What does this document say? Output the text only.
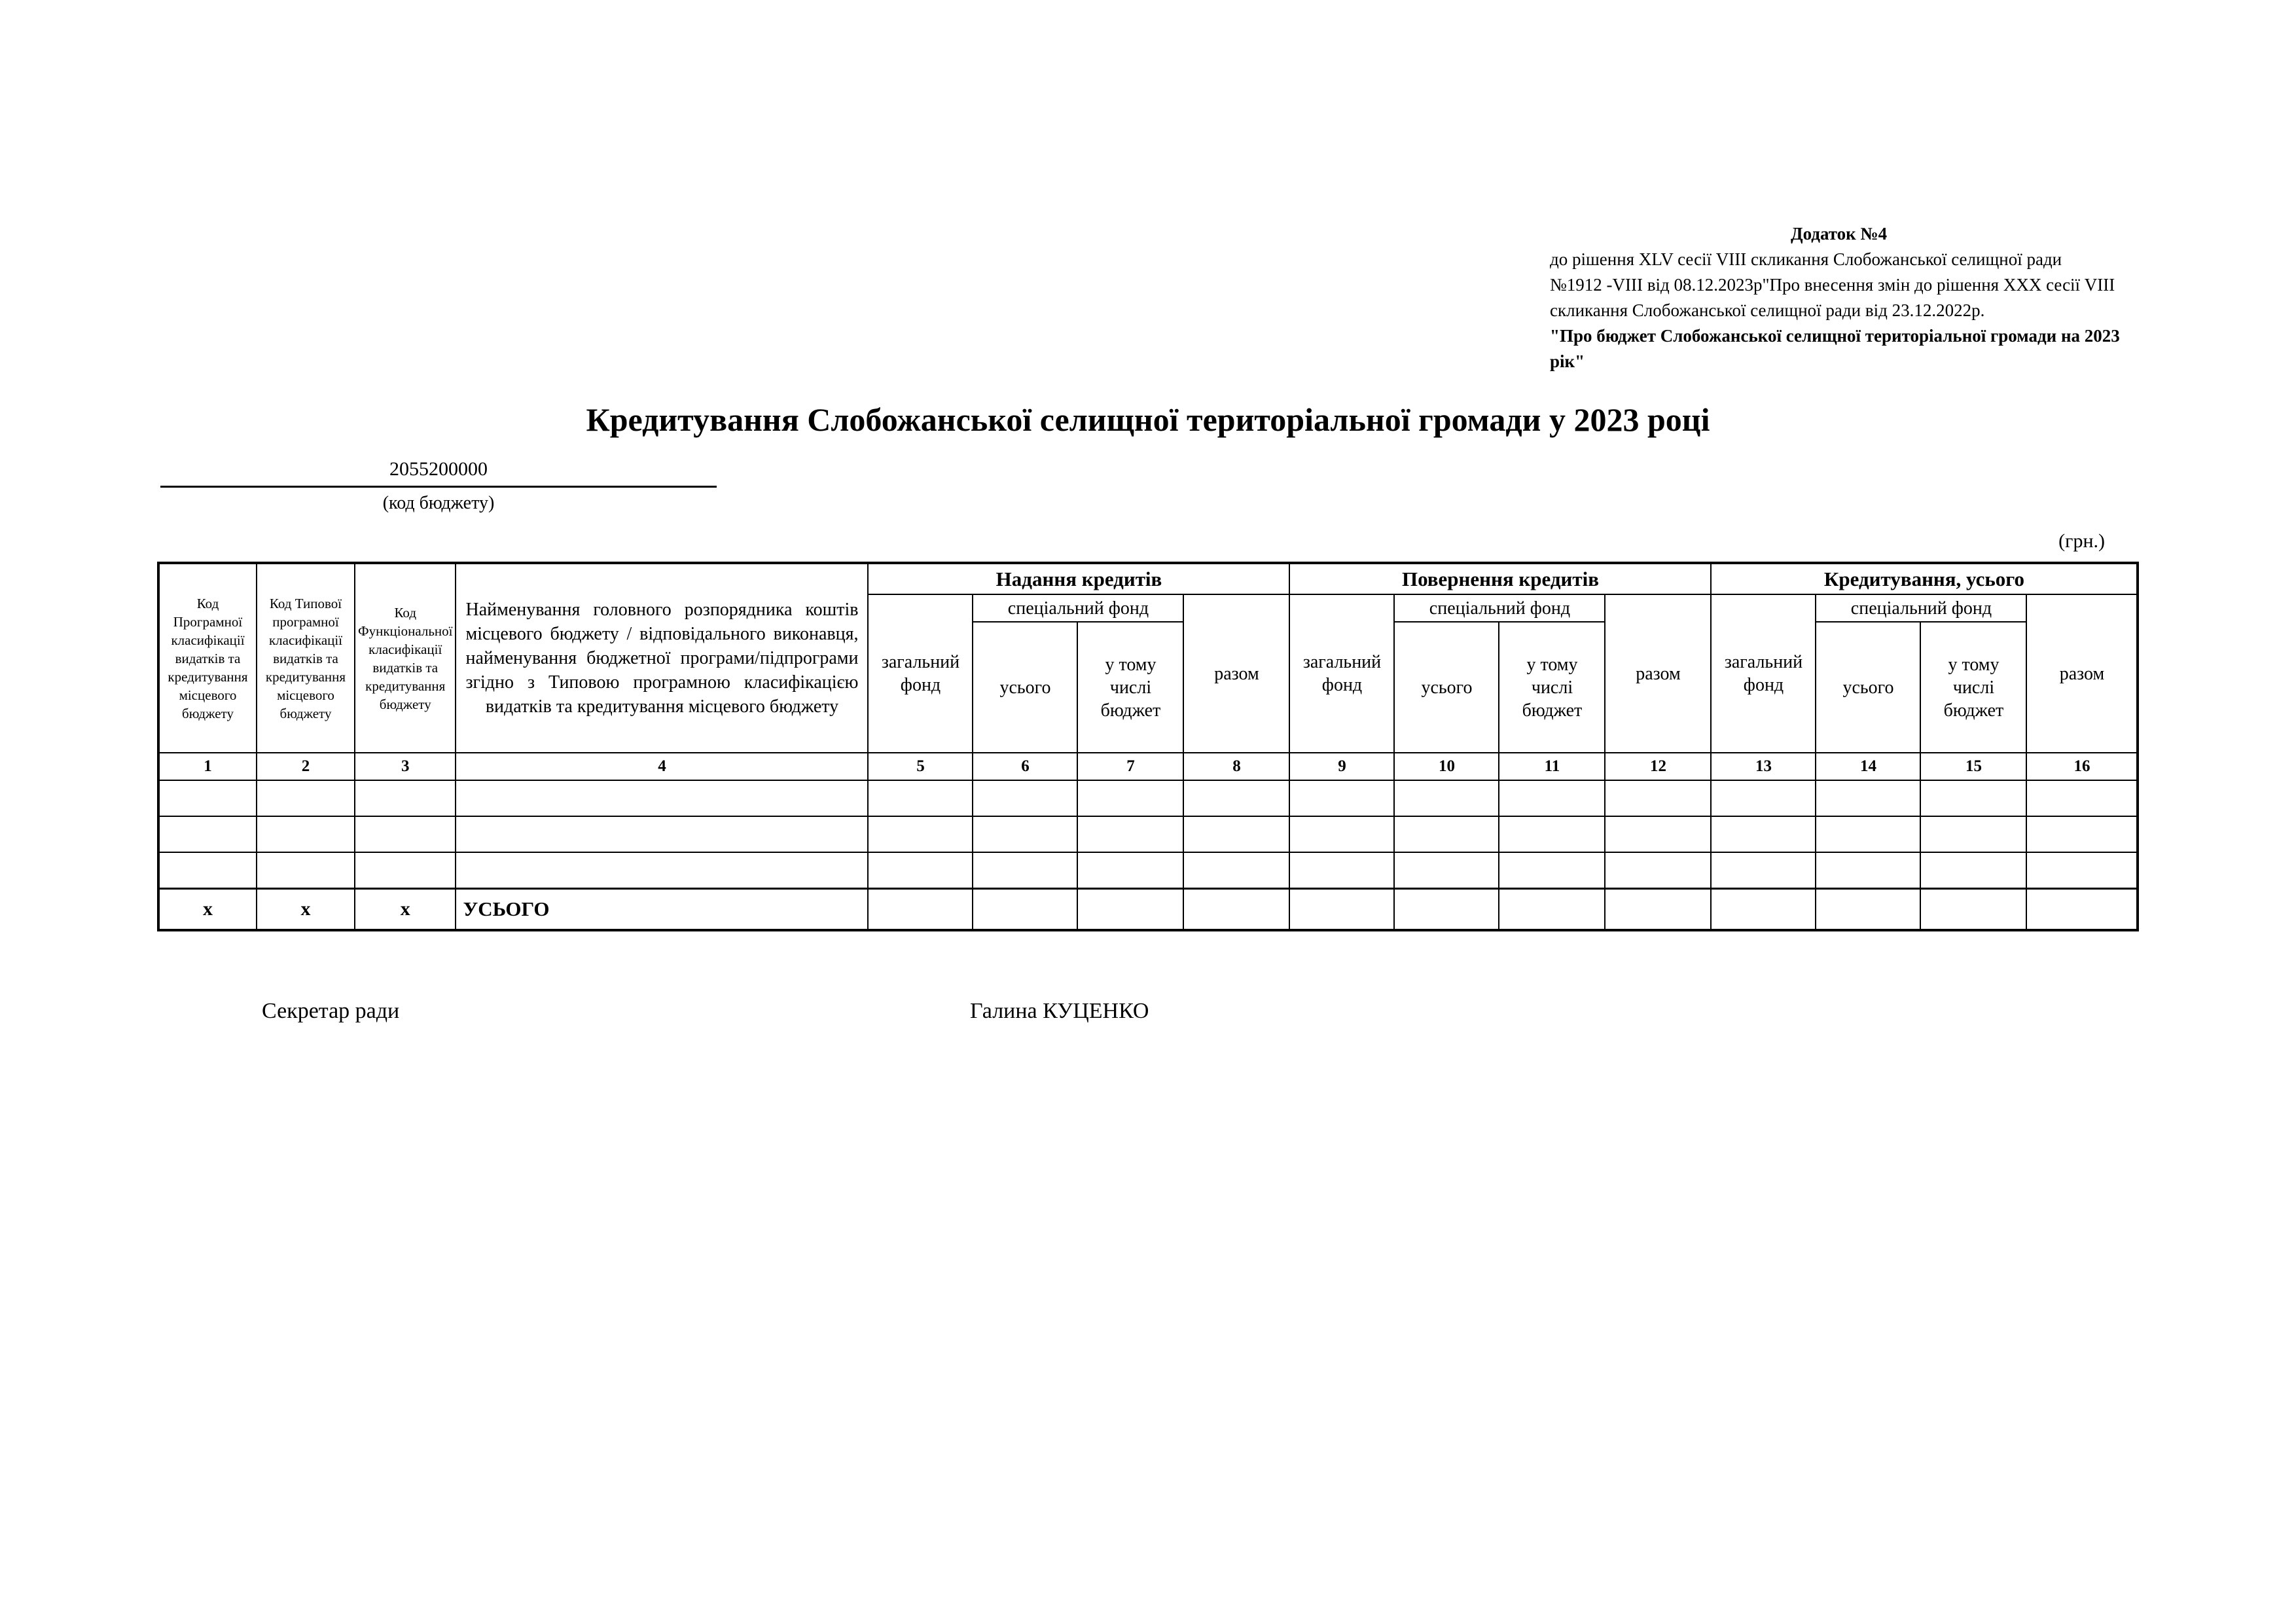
Додаток №4
до рішення XLV сесії VIII скликання Слобожанської селищної ради
№1912 -VIII від 08.12.2023р"Про внесення змін до рішення XXX сесії VIII
скликання Слобожанської селищної ради від 23.12.2022р.
"Про бюджет Слобожанської селищної територіальної громади на 2023 рік"
Кредитування Слобожанської селищної територіальної громади у 2023 році
2055200000
(код бюджету)
(грн.)
Код Програмної класифікації видатків та кредитування місцевого бюджету	Код Типової програмної класифікації видатків та кредитування місцевого бюджету	Код Функціональної класифікації видатків та кредитування бюджету	Найменування головного розпорядника коштів місцевого бюджету / відповідального виконавця, найменування бюджетної програми/підпрограми згідно з Типовою програмною класифікацією видатків та кредитування місцевого бюджету	Надання кредитів				Повернення кредитів				Кредитування, усього			
				загальний фонд	спеціальний фонд		разом	загальний фонд	спеціальний фонд		разом	загальний фонд	спеціальний фонд		разом
					усього	у тому числі бюджет			усього	у тому числі бюджет			усього	у тому числі бюджет	
1	2	3	4	5	6	7	8	9	10	11	12	13	14	15	16

х	х	х	УСЬОГО												
Секретар ради	Галина КУЦЕНКО
